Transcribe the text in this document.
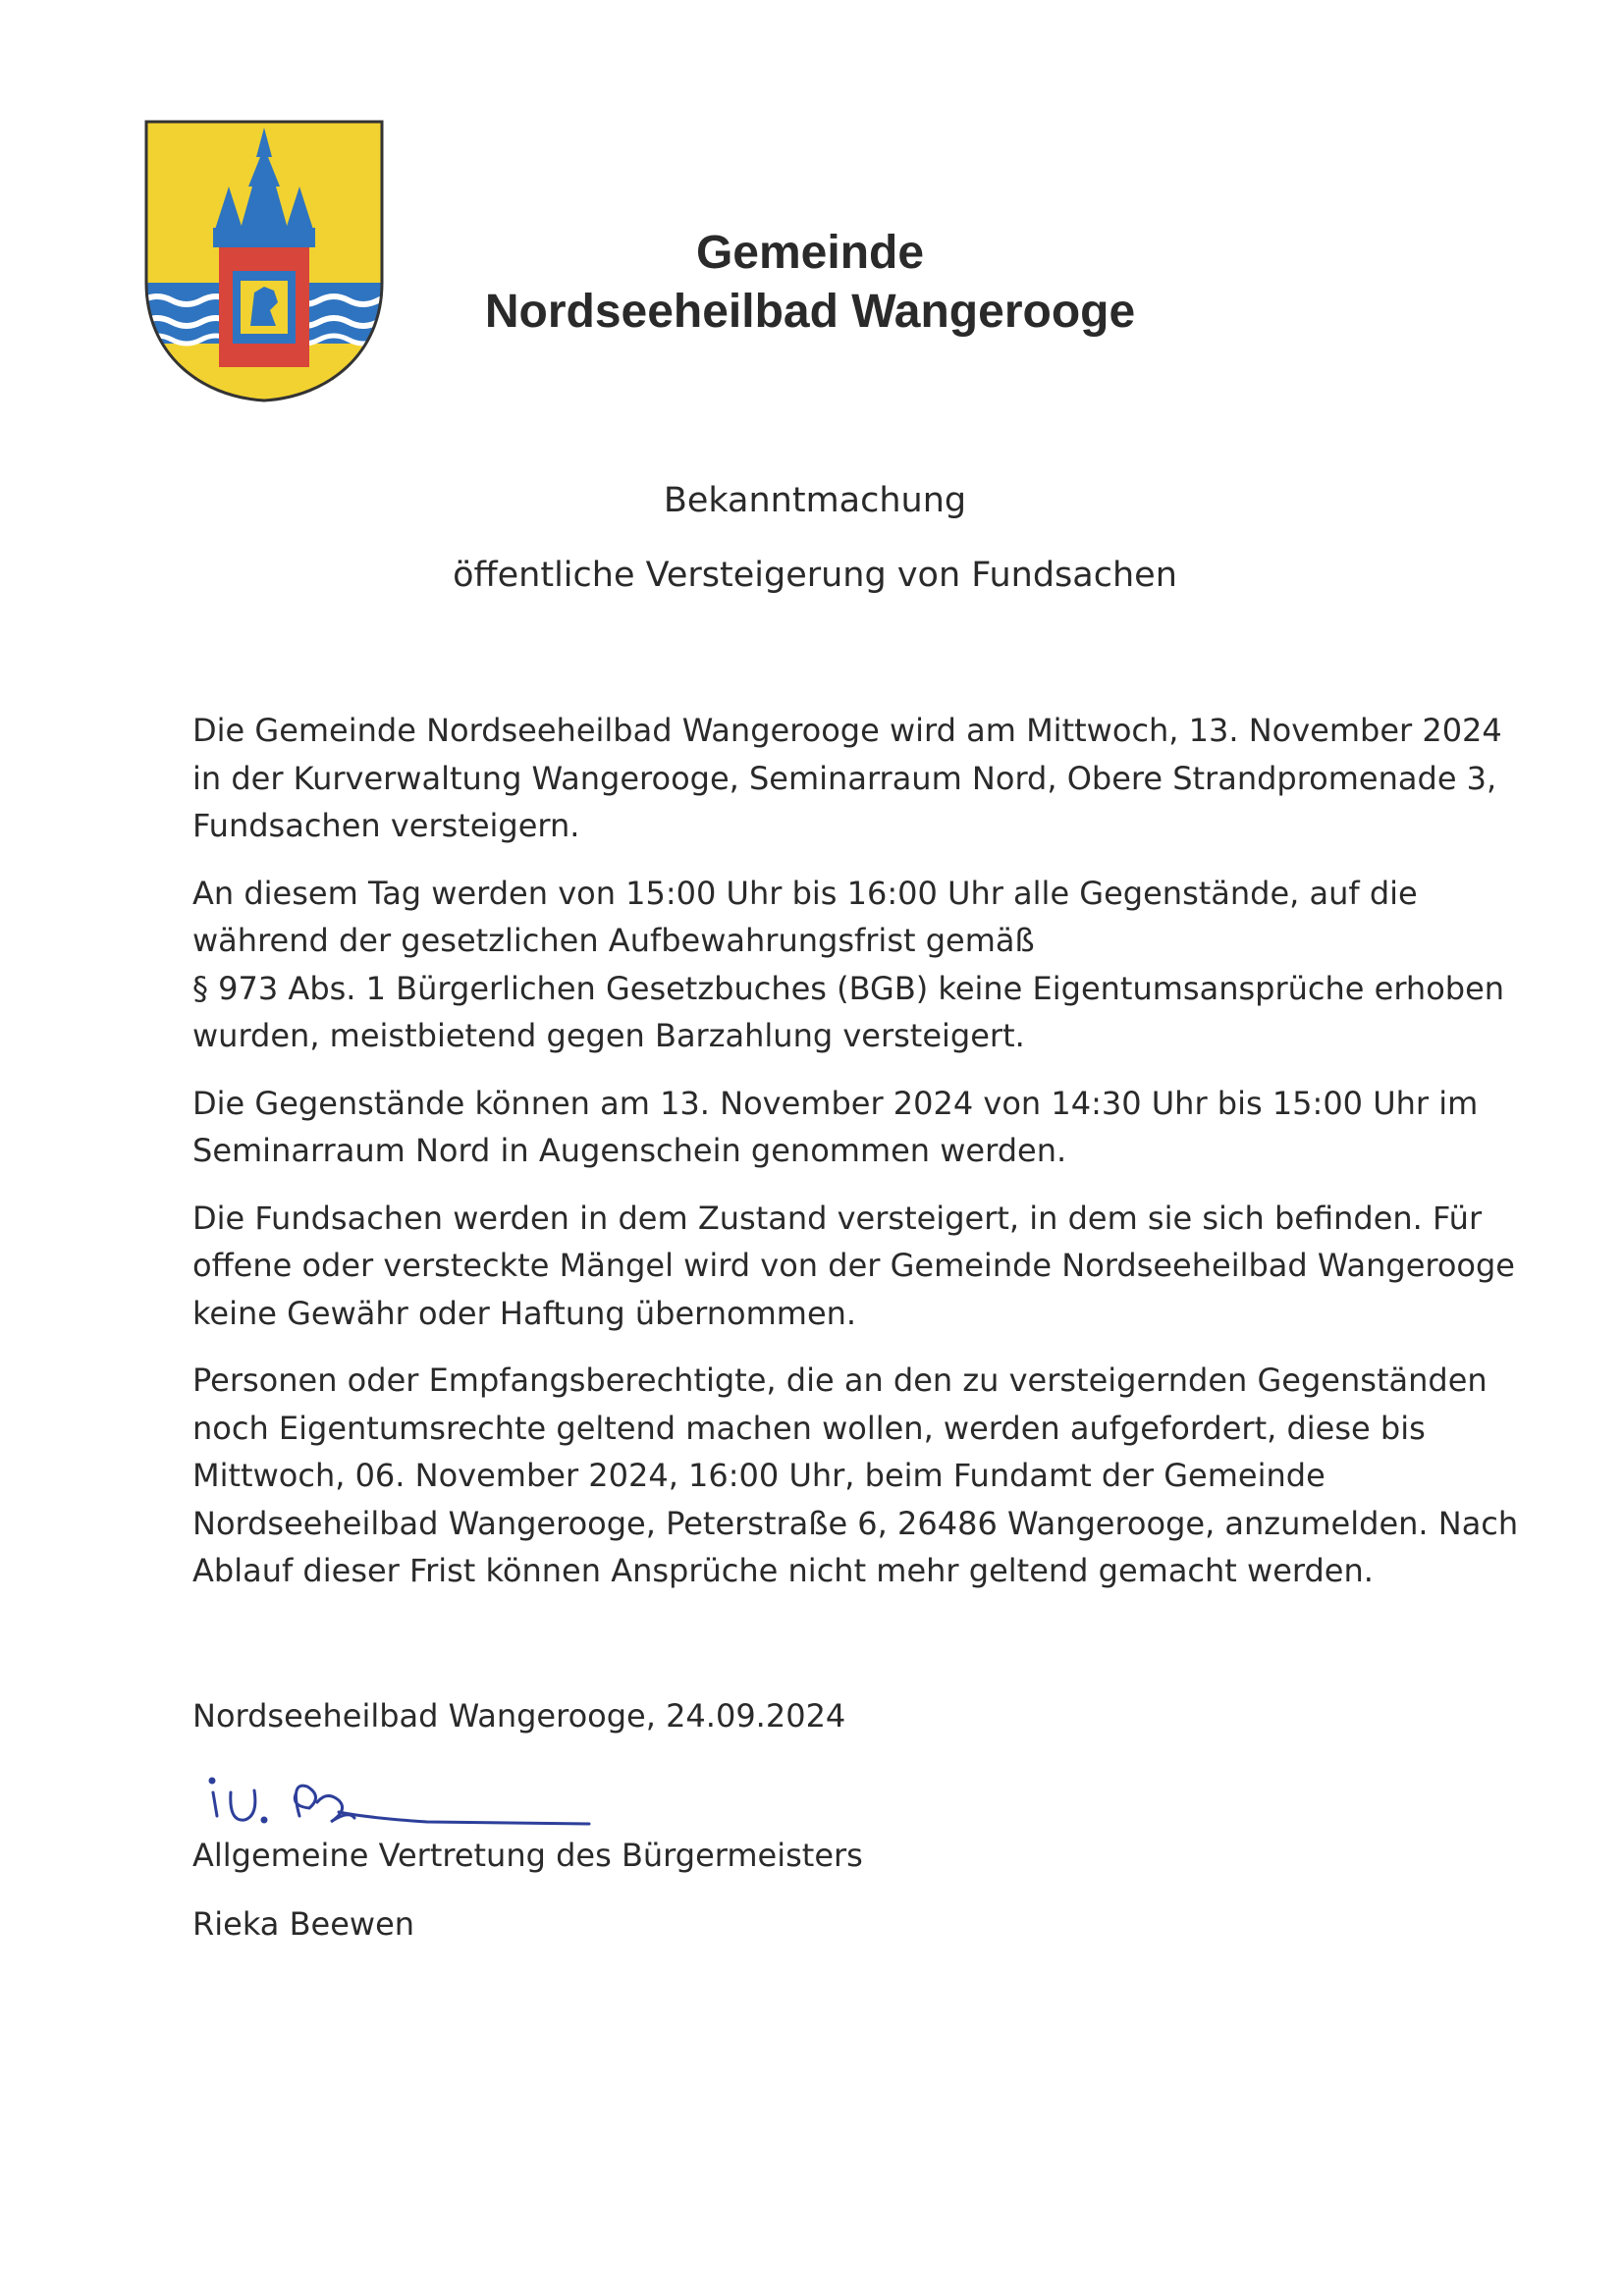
Gemeinde
Nordseeheilbad Wangerooge
Bekanntmachung
öffentliche Versteigerung von Fundsachen

Die Gemeinde Nordseeheilbad Wangerooge wird am Mittwoch, 13. November 2024
in der Kurverwaltung Wangerooge, Seminarraum Nord, Obere Strandpromenade 3,
Fundsachen versteigern.

An diesem Tag werden von 15:00 Uhr bis 16:00 Uhr alle Gegenstände, auf die
während der gesetzlichen Aufbewahrungsfrist gemäß
§ 973 Abs. 1 Bürgerlichen Gesetzbuches (BGB) keine Eigentumsansprüche erhoben
wurden, meistbietend gegen Barzahlung versteigert.

Die Gegenstände können am 13. November 2024 von 14:30 Uhr bis 15:00 Uhr im
Seminarraum Nord in Augenschein genommen werden.

Die Fundsachen werden in dem Zustand versteigert, in dem sie sich befinden. Für
offene oder versteckte Mängel wird von der Gemeinde Nordseeheilbad Wangerooge
keine Gewähr oder Haftung übernommen.

Personen oder Empfangsberechtigte, die an den zu versteigernden Gegenständen
noch Eigentumsrechte geltend machen wollen, werden aufgefordert, diese bis
Mittwoch, 06. November 2024, 16:00 Uhr, beim Fundamt der Gemeinde
Nordseeheilbad Wangerooge, Peterstraße 6, 26486 Wangerooge, anzumelden. Nach
Ablauf dieser Frist können Ansprüche nicht mehr geltend gemacht werden.

Nordseeheilbad Wangerooge, 24.09.2024
Allgemeine Vertretung des Bürgermeisters
Rieka Beewen
